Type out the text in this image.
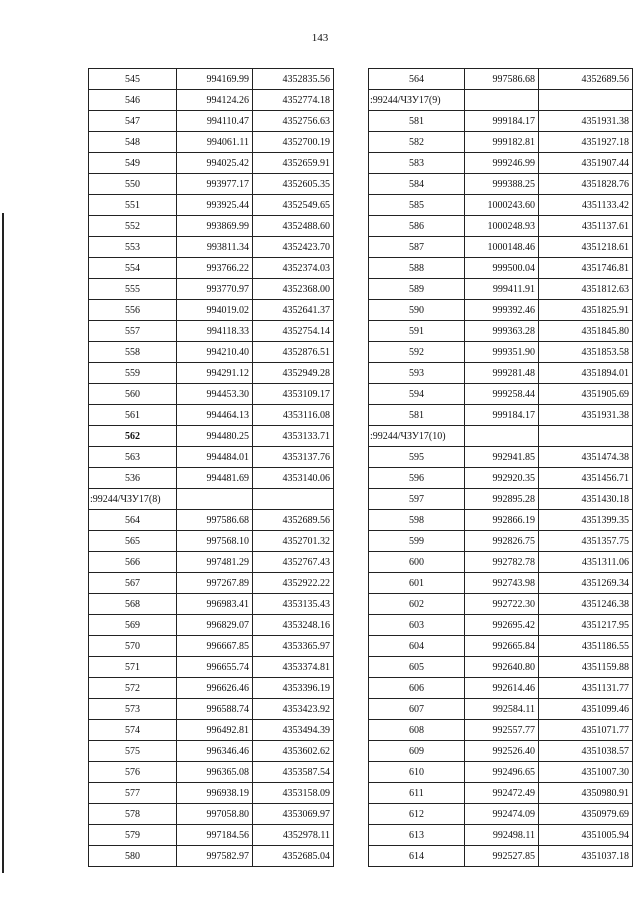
143
545	994169.99	4352835.56
546	994124.26	4352774.18
547	994110.47	4352756.63
548	994061.11	4352700.19
549	994025.42	4352659.91
550	993977.17	4352605.35
551	993925.44	4352549.65
552	993869.99	4352488.60
553	993811.34	4352423.70
554	993766.22	4352374.03
555	993770.97	4352368.00
556	994019.02	4352641.37
557	994118.33	4352754.14
558	994210.40	4352876.51
559	994291.12	4352949.28
560	994453.30	4353109.17
561	994464.13	4353116.08
562	994480.25	4353133.71
563	994484.01	4353137.76
536	994481.69	4353140.06
:99244/ЧЗУ17(8)		
564	997586.68	4352689.56
565	997568.10	4352701.32
566	997481.29	4352767.43
567	997267.89	4352922.22
568	996983.41	4353135.43
569	996829.07	4353248.16
570	996667.85	4353365.97
571	996655.74	4353374.81
572	996626.46	4353396.19
573	996588.74	4353423.92
574	996492.81	4353494.39
575	996346.46	4353602.62
576	996365.08	4353587.54
577	996938.19	4353158.09
578	997058.80	4353069.97
579	997184.56	4352978.11
580	997582.97	4352685.04
564	997586.68	4352689.56
:99244/ЧЗУ17(9)		
581	999184.17	4351931.38
582	999182.81	4351927.18
583	999246.99	4351907.44
584	999388.25	4351828.76
585	1000243.60	4351133.42
586	1000248.93	4351137.61
587	1000148.46	4351218.61
588	999500.04	4351746.81
589	999411.91	4351812.63
590	999392.46	4351825.91
591	999363.28	4351845.80
592	999351.90	4351853.58
593	999281.48	4351894.01
594	999258.44	4351905.69
581	999184.17	4351931.38
:99244/ЧЗУ17(10)		
595	992941.85	4351474.38
596	992920.35	4351456.71
597	992895.28	4351430.18
598	992866.19	4351399.35
599	992826.75	4351357.75
600	992782.78	4351311.06
601	992743.98	4351269.34
602	992722.30	4351246.38
603	992695.42	4351217.95
604	992665.84	4351186.55
605	992640.80	4351159.88
606	992614.46	4351131.77
607	992584.11	4351099.46
608	992557.77	4351071.77
609	992526.40	4351038.57
610	992496.65	4351007.30
611	992472.49	4350980.91
612	992474.09	4350979.69
613	992498.11	4351005.94
614	992527.85	4351037.18
